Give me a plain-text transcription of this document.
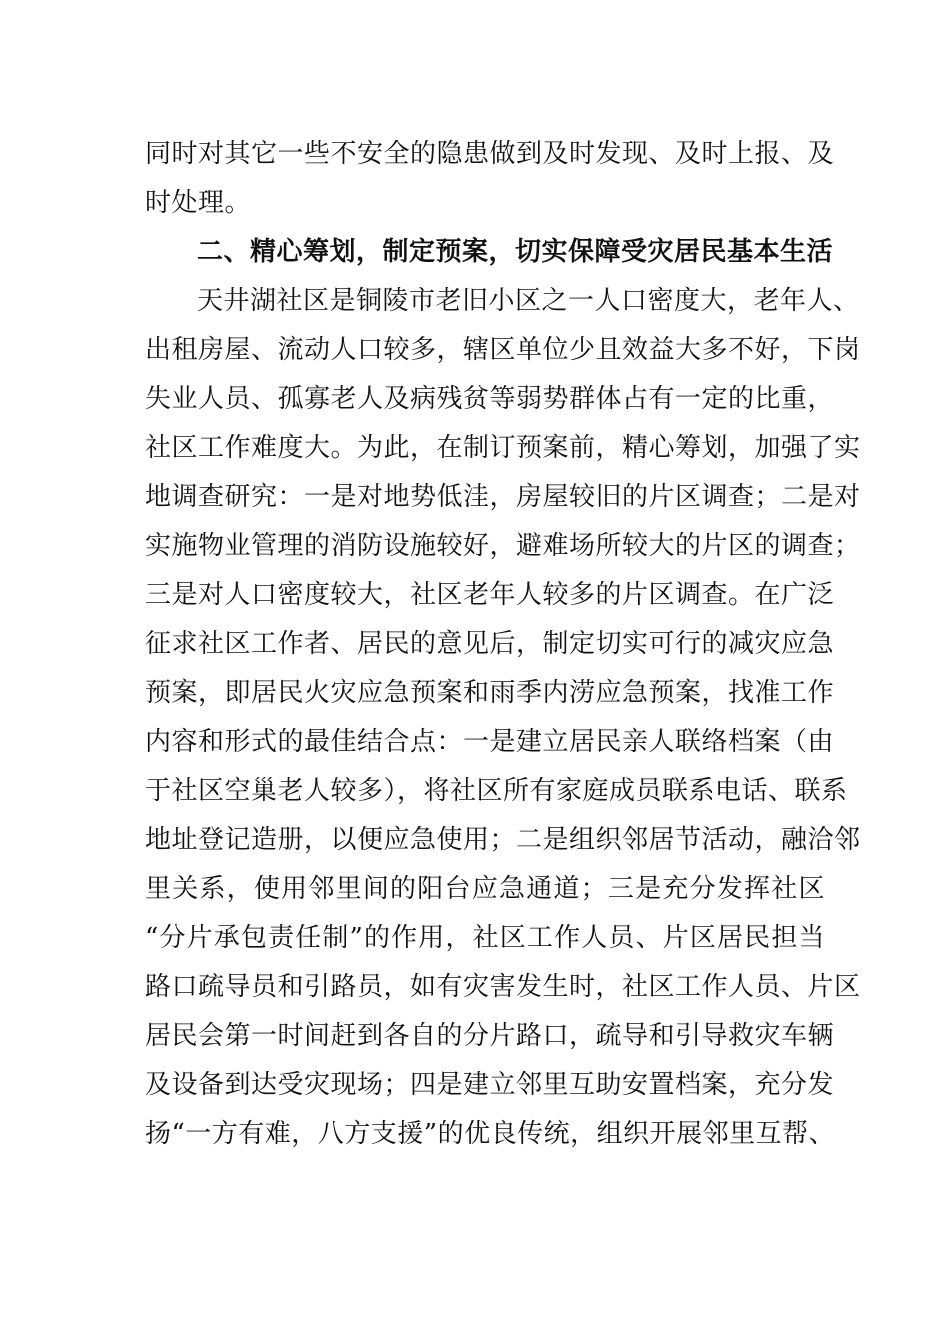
同时对其它一些不安全的隐患做到及时发现、及时上报、及
时处理。
二、精心筹划，制定预案，切实保障受灾居民基本生活
天井湖社区是铜陵市老旧小区之一人口密度大，老年人、
出租房屋、流动人口较多，辖区单位少且效益大多不好，下岗
失业人员、孤寡老人及病残贫等弱势群体占有一定的比重，
社区工作难度大。为此，在制订预案前，精心筹划，加强了实
地调查研究：一是对地势低洼，房屋较旧的片区调查；二是对
实施物业管理的消防设施较好，避难场所较大的片区的调查；
三是对人口密度较大，社区老年人较多的片区调查。在广泛
征求社区工作者、居民的意见后，制定切实可行的减灾应急
预案，即居民火灾应急预案和雨季内涝应急预案，找准工作
内容和形式的最佳结合点：一是建立居民亲人联络档案（由
于社区空巢老人较多），将社区所有家庭成员联系电话、联系
地址登记造册，以便应急使用；二是组织邻居节活动，融洽邻
里关系，使用邻里间的阳台应急通道；三是充分发挥社区
“分片承包责任制”的作用，社区工作人员、片区居民担当
路口疏导员和引路员，如有灾害发生时，社区工作人员、片区
居民会第一时间赶到各自的分片路口，疏导和引导救灾车辆
及设备到达受灾现场；四是建立邻里互助安置档案，充分发
扬“一方有难，八方支援”的优良传统，组织开展邻里互帮、
